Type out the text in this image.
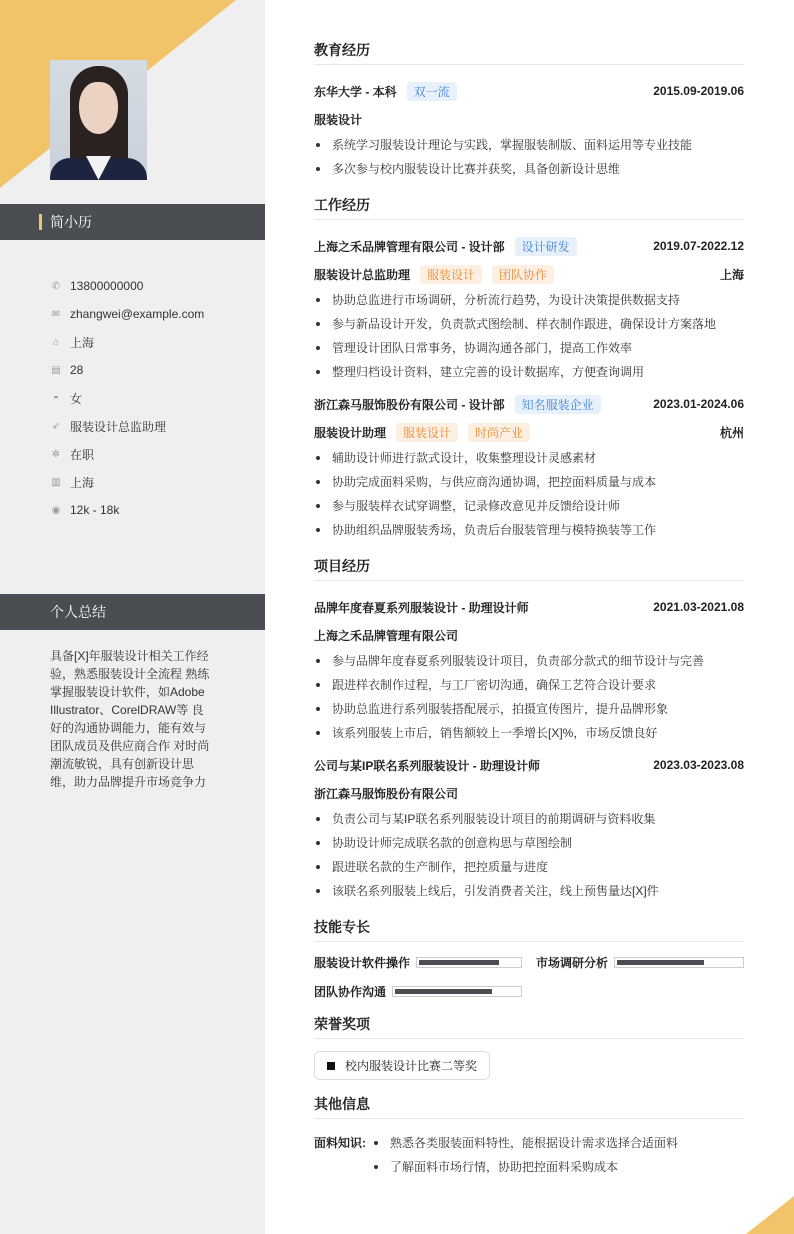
简小历
✆ 13800000000
✉ zhangwei@example.com
⌂ 上海
▤ 28
◓ 女
➶ 服装设计总监助理
✲ 在职
▥ 上海
◉ 12k - 18k
个人总结
具备[X]年服装设计相关工作经验，熟悉服装设计全流程 熟练掌握服装设计软件，如Adobe Illustrator、CorelDRAW等 良好的沟通协调能力，能有效与团队成员及供应商合作 对时尚潮流敏锐，具有创新设计思维，助力品牌提升市场竞争力
教育经历
东华大学 - 本科	双一流	2015.09-2019.06
服装设计
系统学习服装设计理论与实践，掌握服装制版、面料运用等专业技能
多次参与校内服装设计比赛并获奖，具备创新设计思维
工作经历
上海之禾品牌管理有限公司 - 设计部	设计研发	2019.07-2022.12
服装设计总监助理	服装设计	团队协作	上海
协助总监进行市场调研，分析流行趋势，为设计决策提供数据支持
参与新品设计开发，负责款式图绘制、样衣制作跟进，确保设计方案落地
管理设计团队日常事务，协调沟通各部门，提高工作效率
整理归档设计资料，建立完善的设计数据库，方便查询调用
浙江森马服饰股份有限公司 - 设计部	知名服装企业	2023.01-2024.06
服装设计助理	服装设计	时尚产业	杭州
辅助设计师进行款式设计，收集整理设计灵感素材
协助完成面料采购，与供应商沟通协调，把控面料质量与成本
参与服装样衣试穿调整，记录修改意见并反馈给设计师
协助组织品牌服装秀场，负责后台服装管理与模特换装等工作
项目经历
品牌年度春夏系列服装设计 - 助理设计师	2021.03-2021.08
上海之禾品牌管理有限公司
参与品牌年度春夏系列服装设计项目，负责部分款式的细节设计与完善
跟进样衣制作过程，与工厂密切沟通，确保工艺符合设计要求
协助总监进行系列服装搭配展示，拍摄宣传图片，提升品牌形象
该系列服装上市后，销售额较上一季增长[X]%，市场反馈良好
公司与某IP联名系列服装设计 - 助理设计师	2023.03-2023.08
浙江森马服饰股份有限公司
负责公司与某IP联名系列服装设计项目的前期调研与资料收集
协助设计师完成联名款的创意构思与草图绘制
跟进联名款的生产制作，把控质量与进度
该联名系列服装上线后，引发消费者关注，线上预售量达[X]件
技能专长
服装设计软件操作	市场调研分析
团队协作沟通
荣誉奖项
校内服装设计比赛二等奖
其他信息
面料知识:	熟悉各类服装面料特性，能根据设计需求选择合适面料
了解面料市场行情，协助把控面料采购成本
